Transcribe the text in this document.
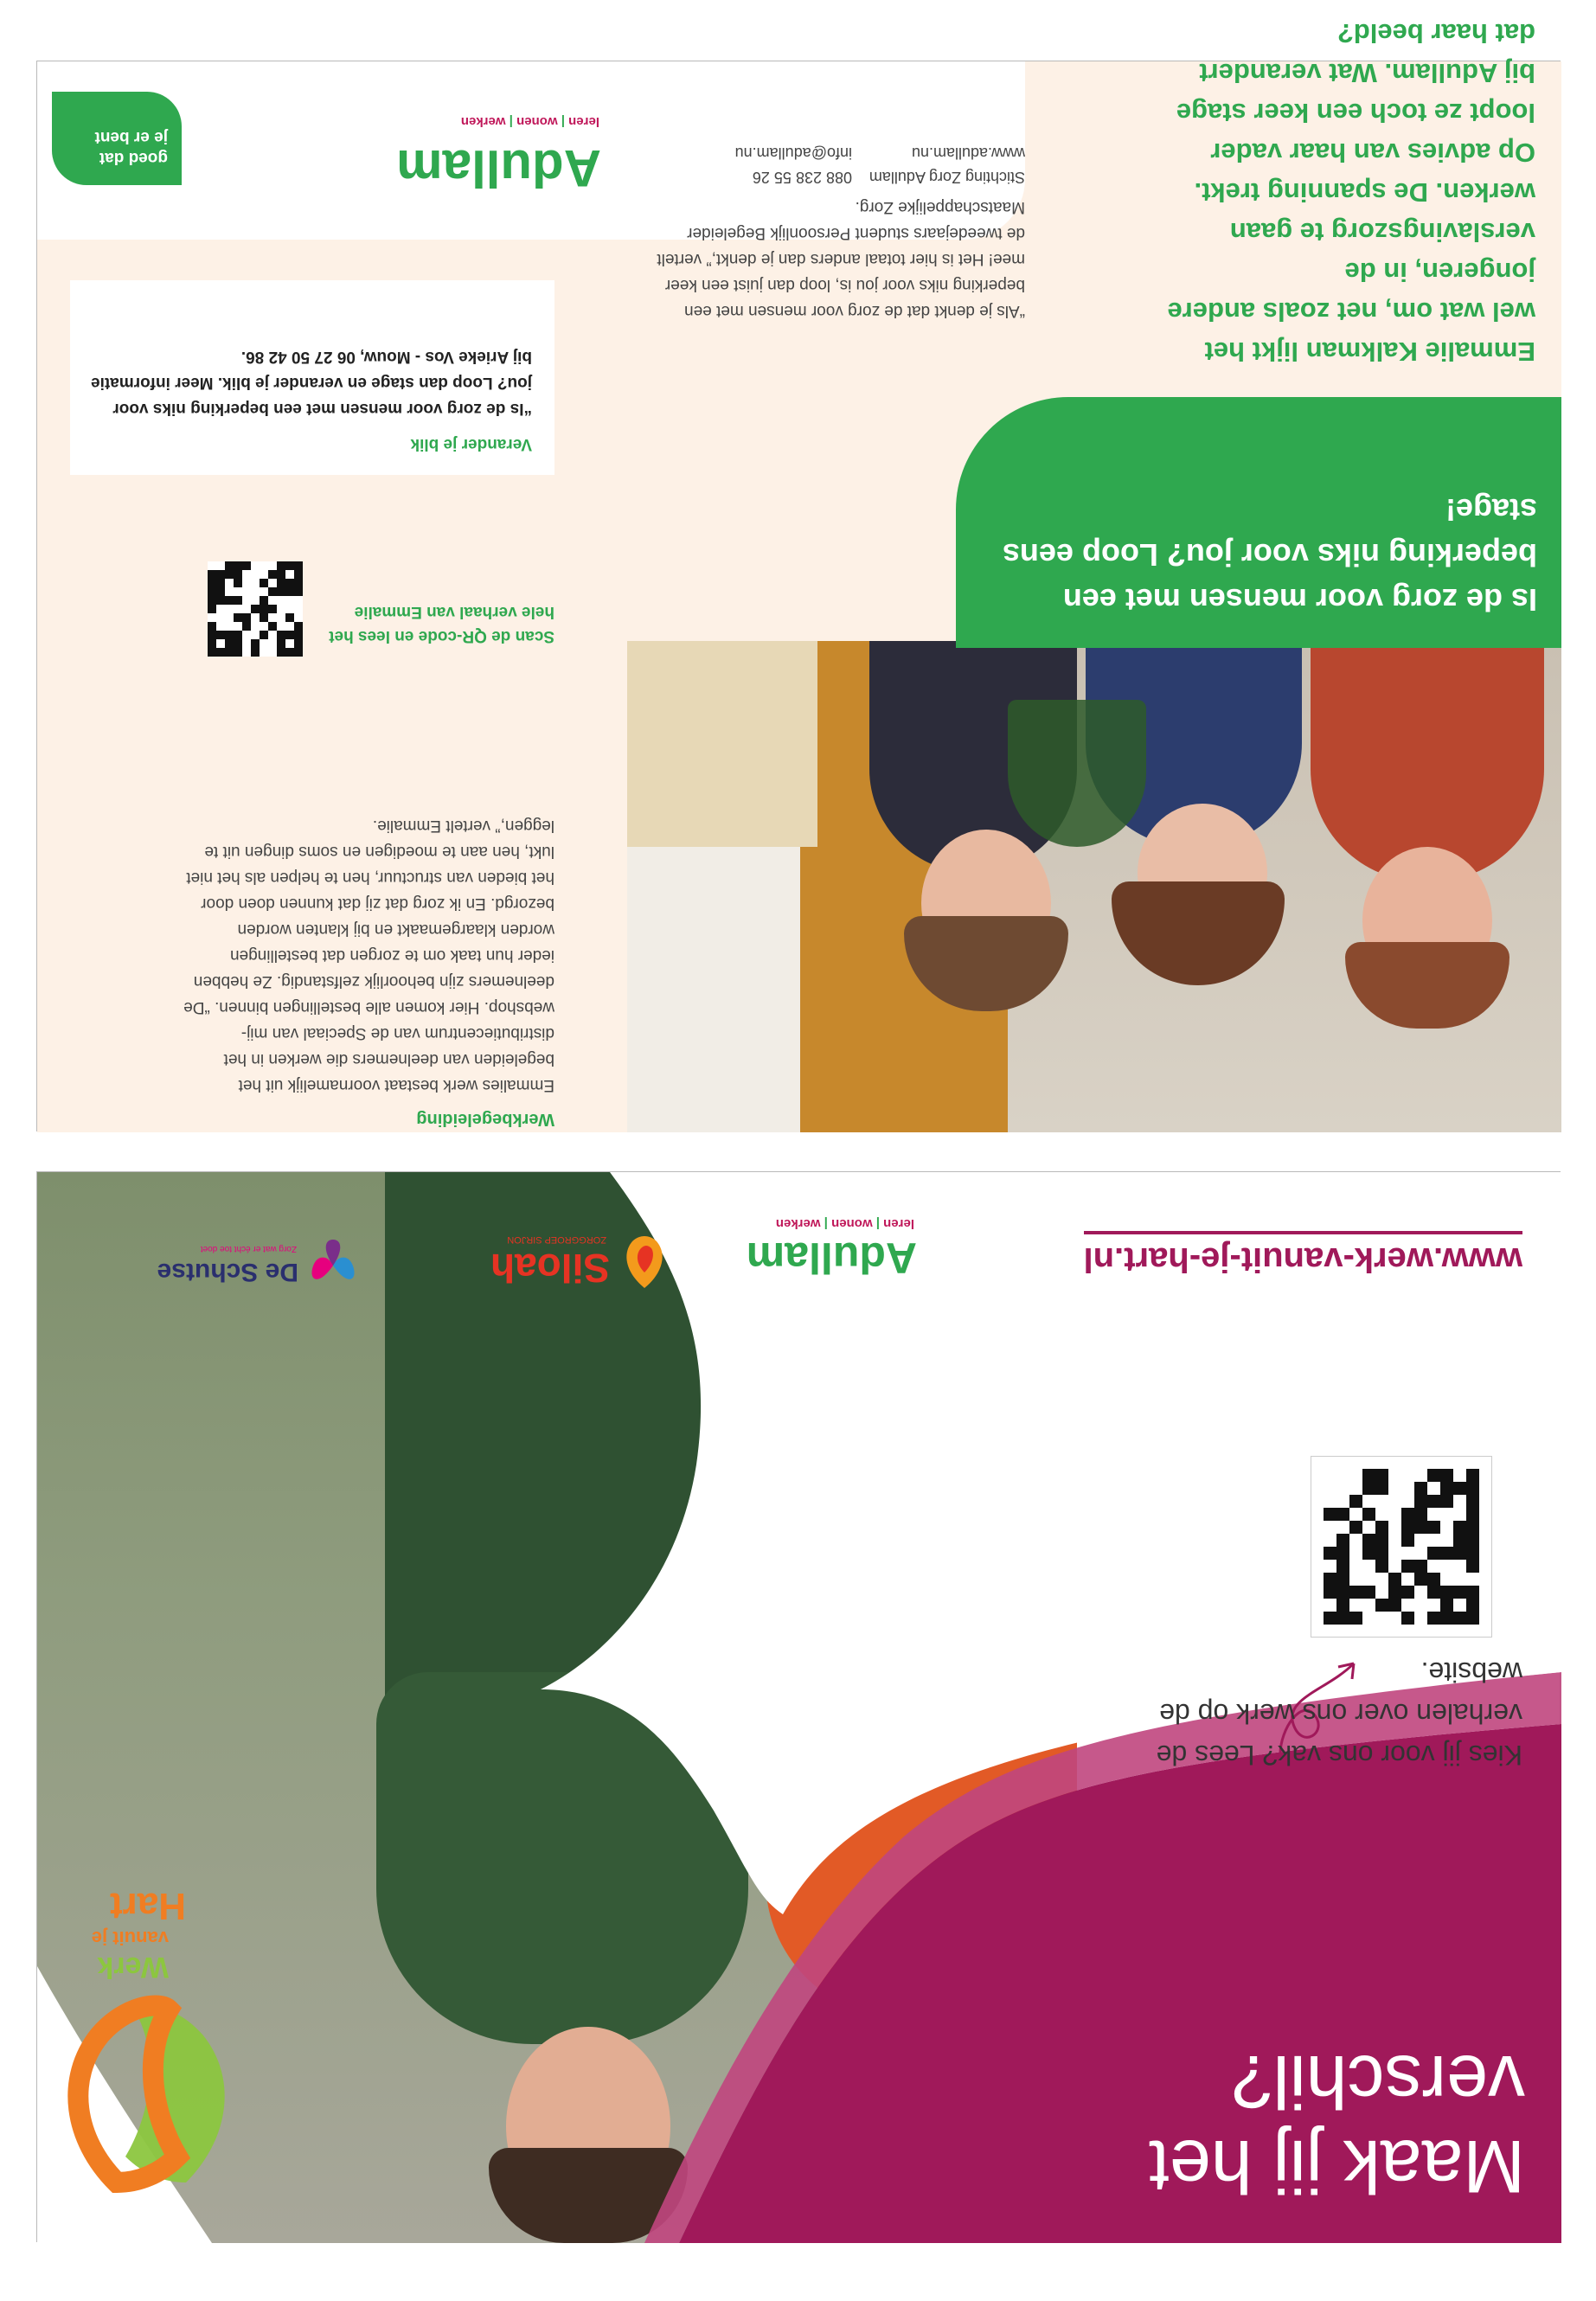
Is de zorg voor mensen met een beperking niks voor jou? Loop eens stage!
Emmalie Kalkman lijkt het wel wat om, net zoals andere jongeren, in de verslavingszorg te gaan werken. De spanning trekt. Op advies van haar vader loopt ze toch een keer stage bij Adullam. Wat verandert dat haar beeld?
“Als je denkt dat de zorg voor mensen met een beperking niks voor jou is, loop dan juist een keer mee! Het is hier totaal anders dan je denkt,” vertelt de tweedejaars student Persoonlijk Begeleider Maatschappelijke Zorg.
Werkbegeleiding
Emmalies werk bestaat voornamelijk uit het begeleiden van deelnemers die werken in het distributiecentrum van de Speciaal van mij-webshop. Hier komen alle bestellingen binnen. “De deelnemers zijn behoorlijk zelfstandig. Ze hebben ieder hun taak om te zorgen dat bestellingen worden klaargemaakt en bij klanten worden bezorgd. En ik zorg dat zij dat kunnen doen door het bieden van structuur, hen te helpen als het niet lukt, hen aan te moedigen en soms dingen uit te leggen,” vertelt Emmalie.
Scan de QR-code en lees het hele verhaal van Emmalie
Verander je blik
“Is de zorg voor mensen met een beperking niks voor jou? Loop dan stage en verander je blik. Meer informatie bij Arieke Vos - Mouw, 06 27 50 42 86.
Stichting Zorg Adullam
www.adullam.nu
088 238 55 26
info@adullam.nu
Adullam
leren | wonen | werken
goed dat
je er bent
Maak jij het
verschil?
Werk
vanuit je
Hart
Kies jij voor ons vak? Lees de verhalen over ons werk op de website.
www.werk-vanuit-je-hart.nl
Adullam
leren | wonen | werken
Siloah
ZORGGROEP SIRJON
De Schutse
Zorg wat er écht toe doet
